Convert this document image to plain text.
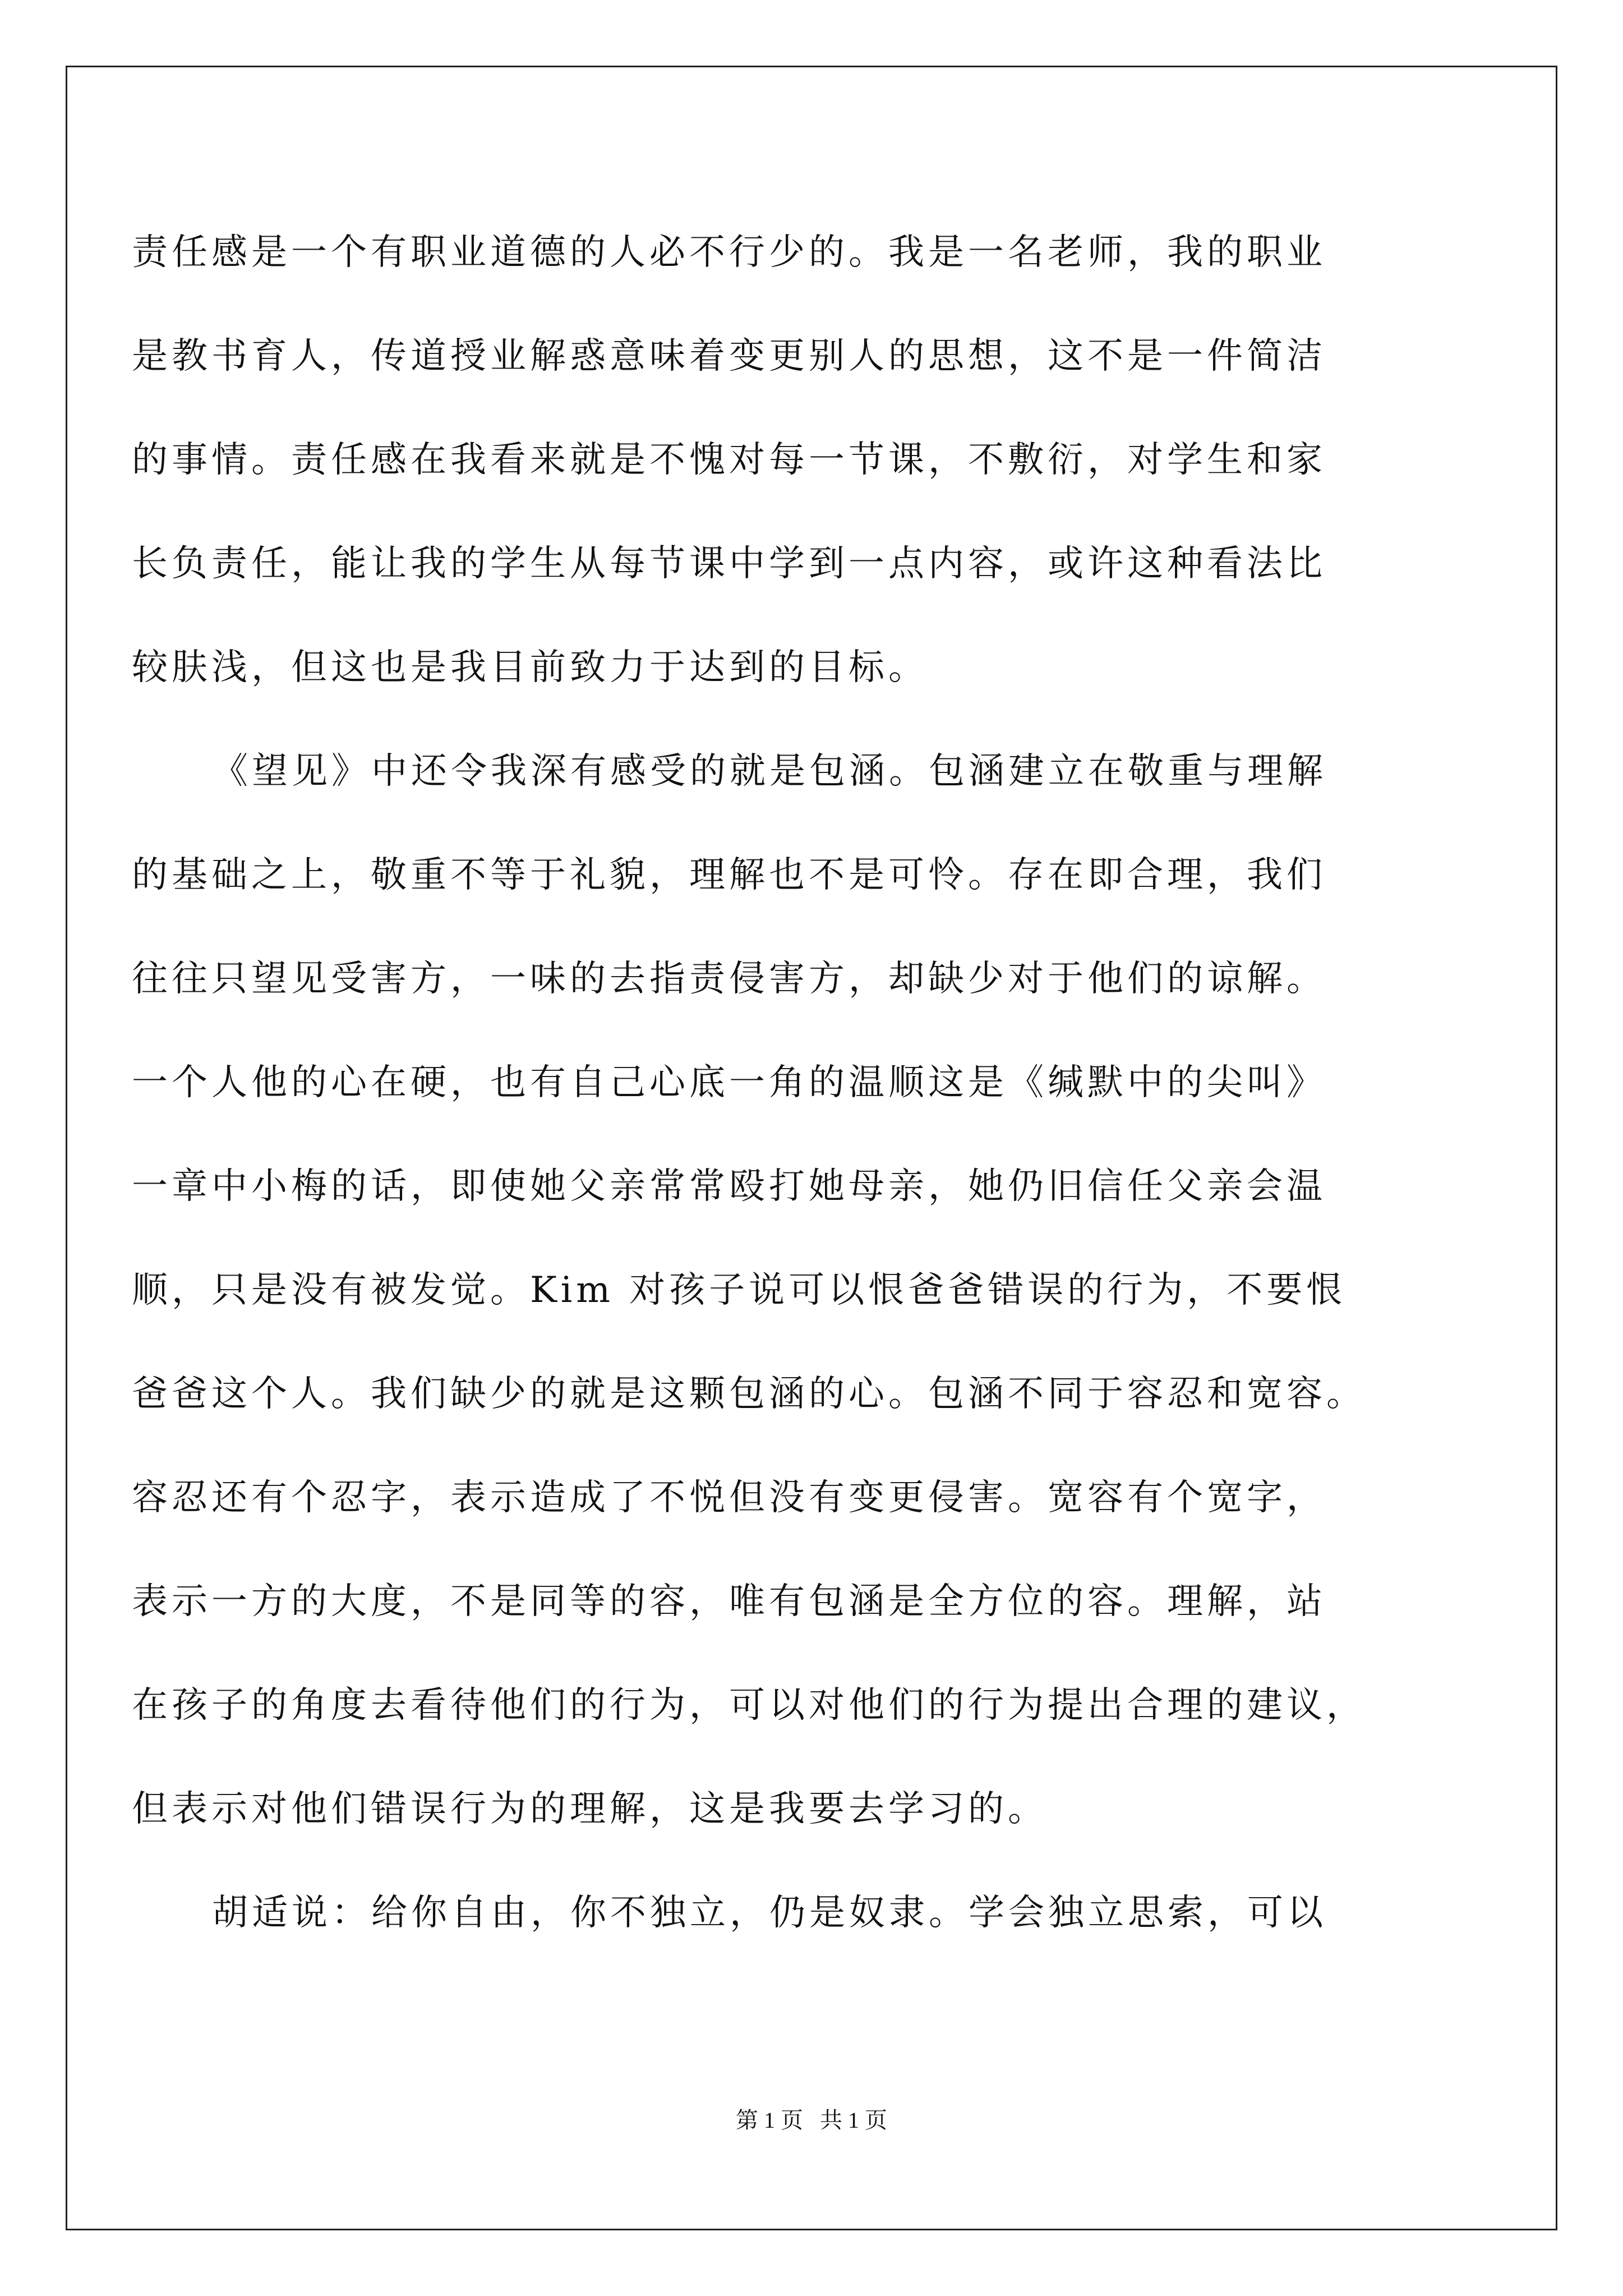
责任感是一个有职业道德的人必不行少的。我是一名老师，我的职业
是教书育人，传道授业解惑意味着变更别人的思想，这不是一件简洁
的事情。责任感在我看来就是不愧对每一节课，不敷衍，对学生和家
长负责任，能让我的学生从每节课中学到一点内容，或许这种看法比
较肤浅，但这也是我目前致力于达到的目标。
《望见》中还令我深有感受的就是包涵。包涵建立在敬重与理解
的基础之上，敬重不等于礼貌，理解也不是可怜。存在即合理，我们
往往只望见受害方，一味的去指责侵害方，却缺少对于他们的谅解。
一个人他的心在硬，也有自己心底一角的温顺这是《缄默中的尖叫》
一章中小梅的话，即使她父亲常常殴打她母亲，她仍旧信任父亲会温
顺，只是没有被发觉。Kim 对孩子说可以恨爸爸错误的行为，不要恨
爸爸这个人。我们缺少的就是这颗包涵的心。包涵不同于容忍和宽容。
容忍还有个忍字，表示造成了不悦但没有变更侵害。宽容有个宽字，
表示一方的大度，不是同等的容，唯有包涵是全方位的容。理解，站
在孩子的角度去看待他们的行为，可以对他们的行为提出合理的建议，
但表示对他们错误行为的理解，这是我要去学习的。
胡适说：给你自由，你不独立，仍是奴隶。学会独立思索，可以
第 1 页 共 1 页
